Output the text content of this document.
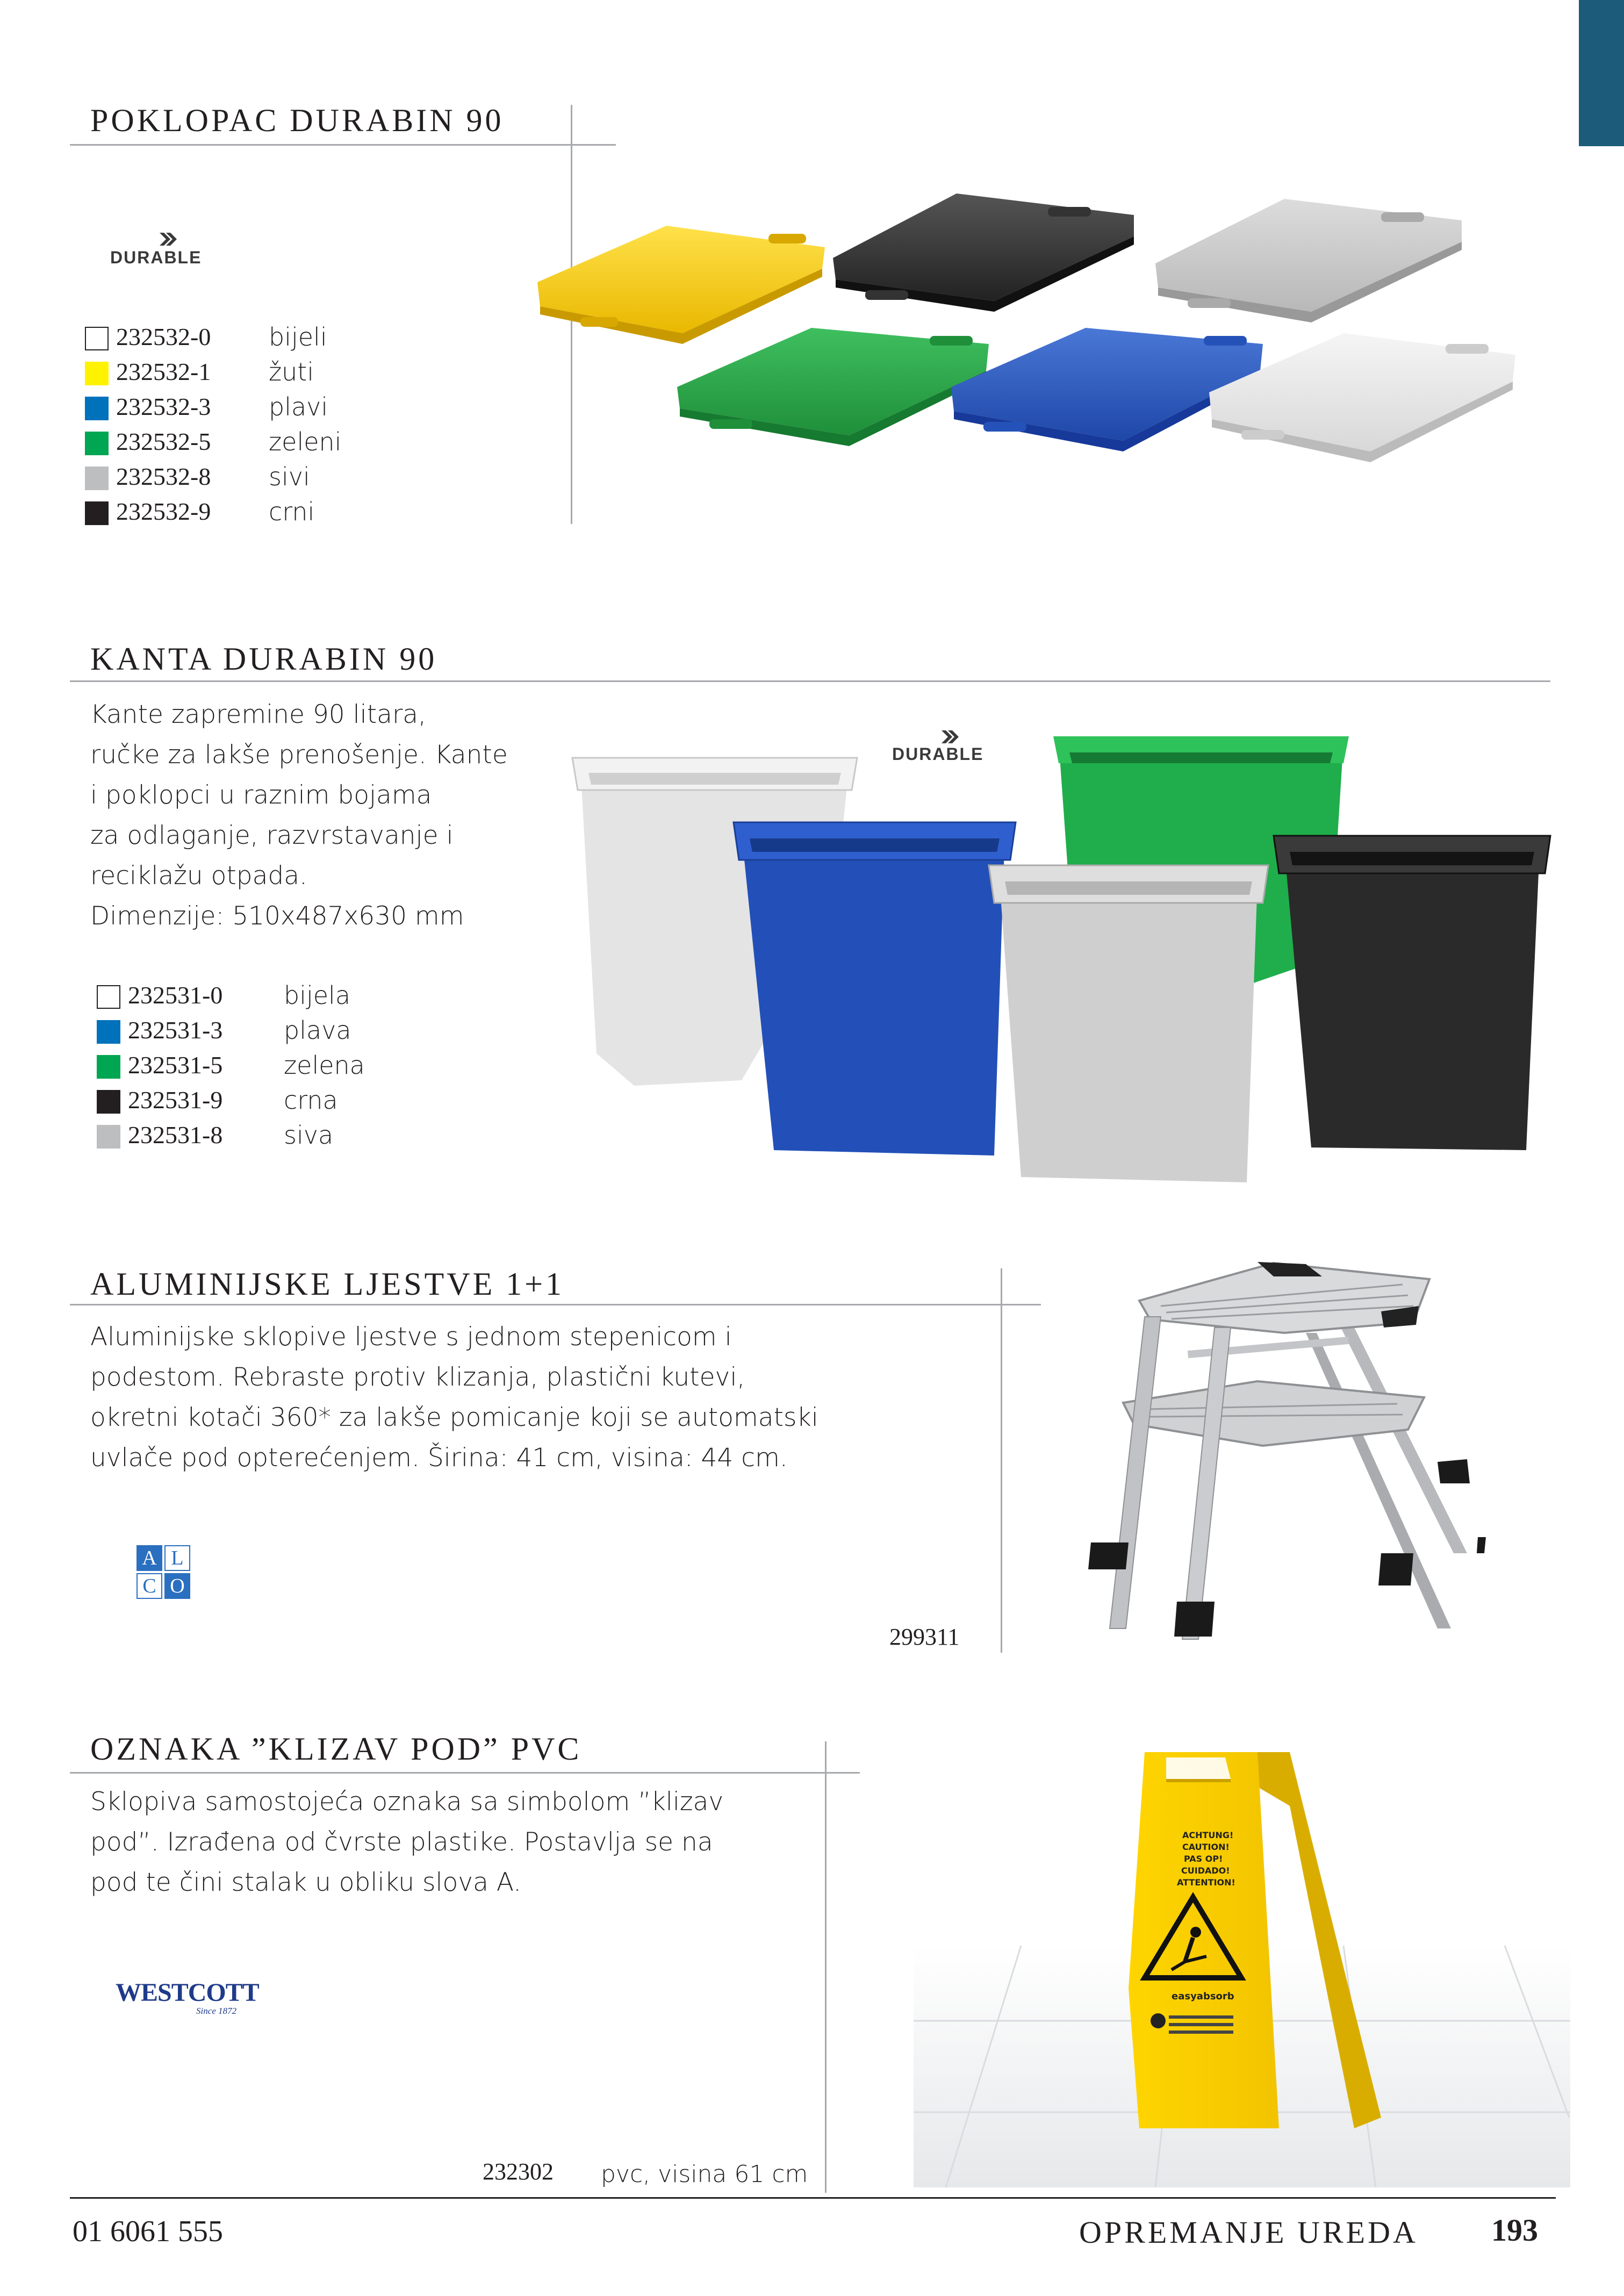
POKLOPAC DURABIN 90
DURABLE
232532-0 bijeli
232532-1 žuti
232532-3 plavi
232532-5 zeleni
232532-8 sivi
232532-9 crni
KANTA DURABIN 90
Kante zapremine 90 litara,
ručke za lakše prenošenje. Kante
i poklopci u raznim bojama
za odlaganje, razvrstavanje i
reciklažu otpada.
Dimenzije: 510x487x630 mm
232531-0 bijela
232531-3 plava
232531-5 zelena
232531-9 crna
232531-8 siva
DURABLE
ALUMINIJSKE LJESTVE 1+1
Aluminijske sklopive ljestve s jednom stepenicom i
podestom. Rebraste protiv klizanja, plastični kutevi,
okretni kotači 360* za lakše pomicanje koji se automatski
uvlače pod opterećenjem. Širina: 41 cm, visina: 44 cm.
A L
C O
299311
OZNAKA ”KLIZAV POD” PVC
Sklopiva samostojeća oznaka sa simbolom ”klizav
pod”. Izrađena od čvrste plastike. Postavlja se na
pod te čini stalak u obliku slova A.
WESTCOTT
Since 1872
232302 pvc, visina 61 cm
ACHTUNG!
CAUTION!
PAS OP!
CUIDADO!
ATTENTION!
easyabsorb
01 6061 555	OPREMANJE UREDA 193
